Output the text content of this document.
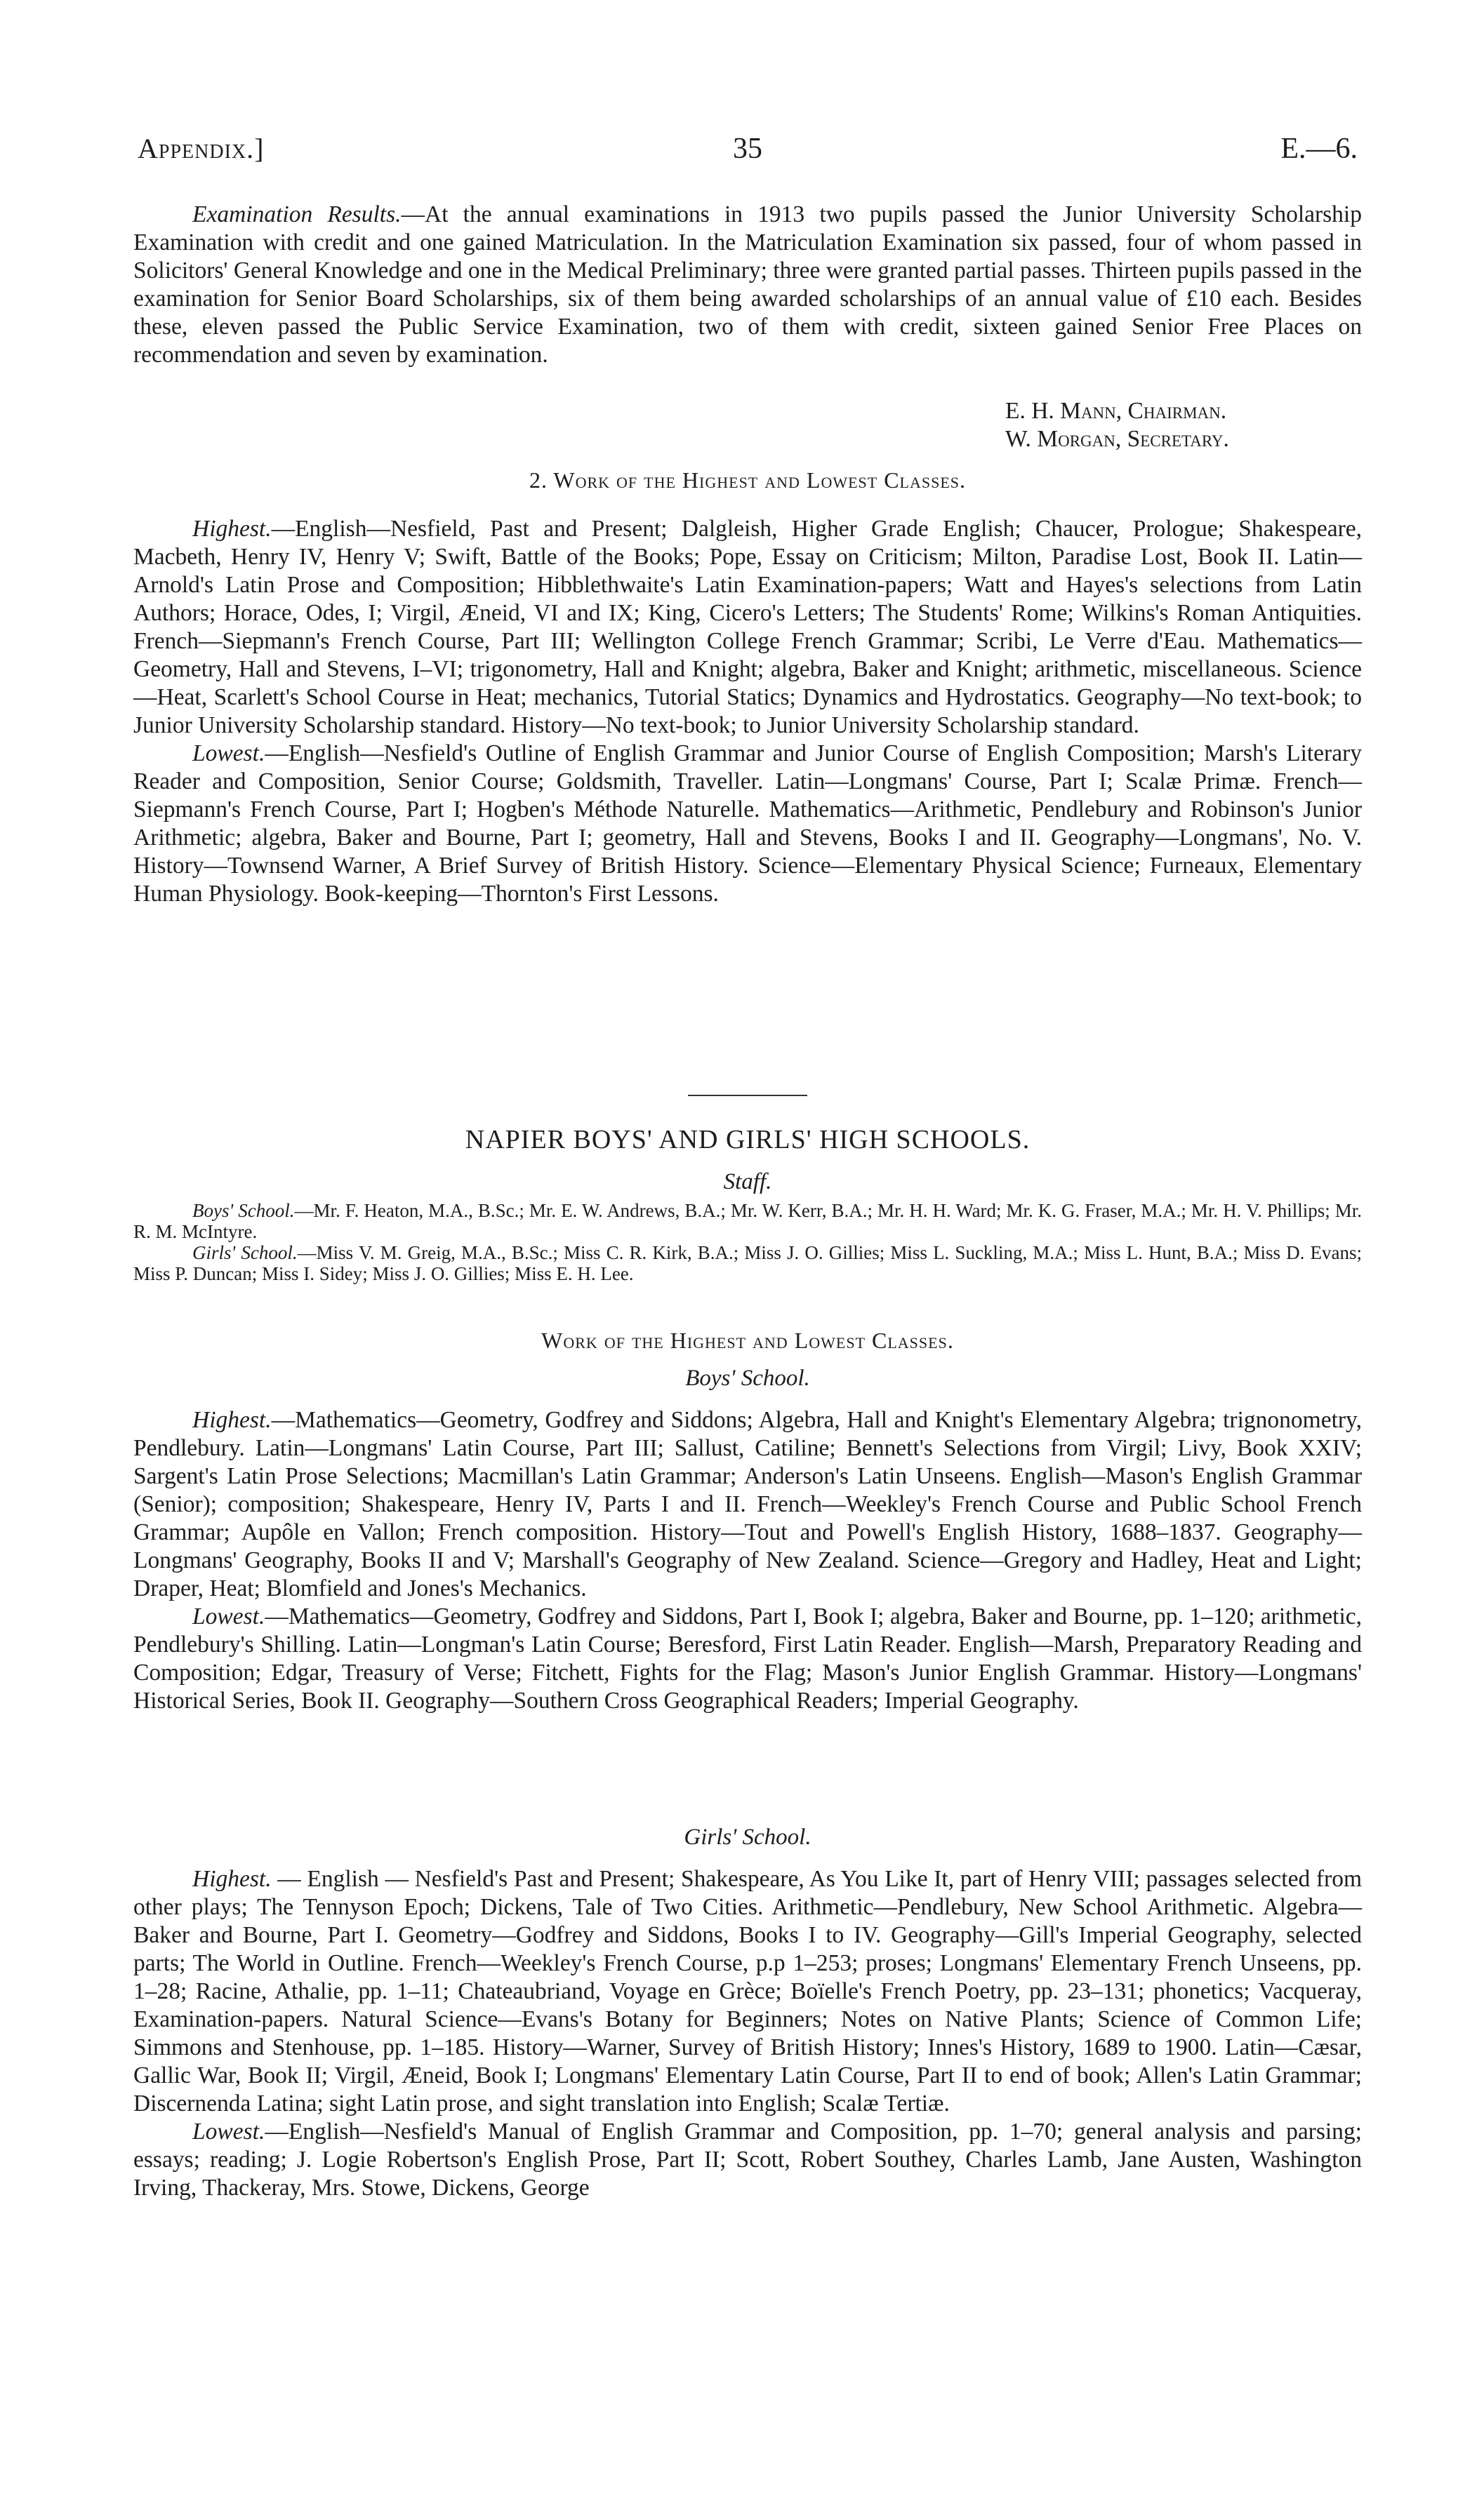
35
Appendix.]	E.—6.

Examination Results.—At the annual examinations in 1913 two pupils passed the Junior University Scholarship Examination with credit and one gained Matriculation. In the Matriculation Examination six passed, four of whom passed in Solicitors' General Knowledge and one in the Medical Preliminary; three were granted partial passes. Thirteen pupils passed in the examination for Senior Board Scholarships, six of them being awarded scholarships of an annual value of £10 each. Besides these, eleven passed the Public Service Examination, two of them with credit, sixteen gained Senior Free Places on recommendation and seven by examination.

E. H. Mann, Chairman.
W. Morgan, Secretary.

2. Work of the Highest and Lowest Classes.

Highest.—English—Nesfield, Past and Present; Dalgleish, Higher Grade English; Chaucer, Prologue; Shakespeare, Macbeth, Henry IV, Henry V; Swift, Battle of the Books; Pope, Essay on Criticism; Milton, Paradise Lost, Book II. Latin—Arnold's Latin Prose and Composition; Hibblethwaite's Latin Examination-papers; Watt and Hayes's selections from Latin Authors; Horace, Odes, I; Virgil, Æneid, VI and IX; King, Cicero's Letters; The Students' Rome; Wilkins's Roman Antiquities. French—Siepmann's French Course, Part III; Wellington College French Grammar; Scribi, Le Verre d'Eau. Mathematics—Geometry, Hall and Stevens, I–VI; trigonometry, Hall and Knight; algebra, Baker and Knight; arithmetic, miscellaneous. Science—Heat, Scarlett's School Course in Heat; mechanics, Tutorial Statics; Dynamics and Hydrostatics. Geography—No text-book; to Junior University Scholarship standard. History—No text-book; to Junior University Scholarship standard.

Lowest.—English—Nesfield's Outline of English Grammar and Junior Course of English Composition; Marsh's Literary Reader and Composition, Senior Course; Goldsmith, Traveller. Latin—Longmans' Course, Part I; Scalæ Primæ. French—Siepmann's French Course, Part I; Hogben's Méthode Naturelle. Mathematics—Arithmetic, Pendlebury and Robinson's Junior Arithmetic; algebra, Baker and Bourne, Part I; geometry, Hall and Stevens, Books I and II. Geography—Longmans', No. V. History—Townsend Warner, A Brief Survey of British History. Science—Elementary Physical Science; Furneaux, Elementary Human Physiology. Book-keeping—Thornton's First Lessons.

NAPIER BOYS' AND GIRLS' HIGH SCHOOLS.

Staff.

Boys' School.—Mr. F. Heaton, M.A., B.Sc.; Mr. E. W. Andrews, B.A.; Mr. W. Kerr, B.A.; Mr. H. H. Ward; Mr. K. G. Fraser, M.A.; Mr. H. V. Phillips; Mr. R. M. McIntyre.

Girls' School.—Miss V. M. Greig, M.A., B.Sc.; Miss C. R. Kirk, B.A.; Miss J. O. Gillies; Miss L. Suckling, M.A.; Miss L. Hunt, B.A.; Miss D. Evans; Miss P. Duncan; Miss I. Sidey; Miss J. O. Gillies; Miss E. H. Lee.

Work of the Highest and Lowest Classes.

Boys' School.

Highest.—Mathematics—Geometry, Godfrey and Siddons; Algebra, Hall and Knight's Elementary Algebra; trignonometry, Pendlebury. Latin—Longmans' Latin Course, Part III; Sallust, Catiline; Bennett's Selections from Virgil; Livy, Book XXIV; Sargent's Latin Prose Selections; Macmillan's Latin Grammar; Anderson's Latin Unseens. English—Mason's English Grammar (Senior); composition; Shakespeare, Henry IV, Parts I and II. French—Weekley's French Course and Public School French Grammar; Aupôle en Vallon; French composition. History—Tout and Powell's English History, 1688–1837. Geography—Longmans' Geography, Books II and V; Marshall's Geography of New Zealand. Science—Gregory and Hadley, Heat and Light; Draper, Heat; Blomfield and Jones's Mechanics.

Lowest.—Mathematics—Geometry, Godfrey and Siddons, Part I, Book I; algebra, Baker and Bourne, pp. 1–120; arithmetic, Pendlebury's Shilling. Latin—Longman's Latin Course; Beresford, First Latin Reader. English—Marsh, Preparatory Reading and Composition; Edgar, Treasury of Verse; Fitchett, Fights for the Flag; Mason's Junior English Grammar. History—Longmans' Historical Series, Book II. Geography—Southern Cross Geographical Readers; Imperial Geography.

Girls' School.

Highest. — English — Nesfield's Past and Present; Shakespeare, As You Like It, part of Henry VIII; passages selected from other plays; The Tennyson Epoch; Dickens, Tale of Two Cities. Arithmetic—Pendlebury, New School Arithmetic. Algebra—Baker and Bourne, Part I. Geometry—Godfrey and Siddons, Books I to IV. Geography—Gill's Imperial Geography, selected parts; The World in Outline. French—Weekley's French Course, p.p 1–253; proses; Longmans' Elementary French Unseens, pp. 1–28; Racine, Athalie, pp. 1–11; Chateaubriand, Voyage en Grèce; Boïelle's French Poetry, pp. 23–131; phonetics; Vacqueray, Examination-papers. Natural Science—Evans's Botany for Beginners; Notes on Native Plants; Science of Common Life; Simmons and Stenhouse, pp. 1–185. History—Warner, Survey of British History; Innes's History, 1689 to 1900. Latin—Cæsar, Gallic War, Book II; Virgil, Æneid, Book I; Longmans' Elementary Latin Course, Part II to end of book; Allen's Latin Grammar; Discernenda Latina; sight Latin prose, and sight translation into English; Scalæ Tertiæ.

Lowest.—English—Nesfield's Manual of English Grammar and Composition, pp. 1–70; general analysis and parsing; essays; reading; J. Logie Robertson's English Prose, Part II; Scott, Robert Southey, Charles Lamb, Jane Austen, Washington Irving, Thackeray, Mrs. Stowe, Dickens, George
